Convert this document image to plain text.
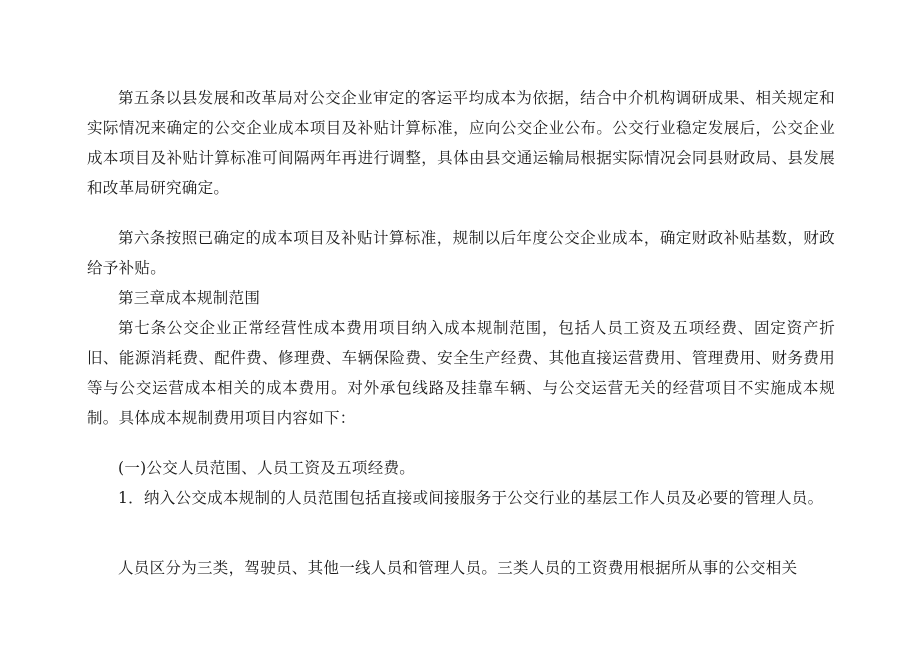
第五条以县发展和改革局对公交企业审定的客运平均成本为依据，结合中介机构调研成果、相关规定和实际情况来确定的公交企业成本项目及补贴计算标准，应向公交企业公布。公交行业稳定发展后，公交企业成本项目及补贴计算标准可间隔两年再进行调整，具体由县交通运输局根据实际情况会同县财政局、县发展和改革局研究确定。

第六条按照已确定的成本项目及补贴计算标准，规制以后年度公交企业成本，确定财政补贴基数，财政给予补贴。

第三章成本规制范围

第七条公交企业正常经营性成本费用项目纳入成本规制范围，包括人员工资及五项经费、固定资产折旧、能源消耗费、配件费、修理费、车辆保险费、安全生产经费、其他直接运营费用、管理费用、财务费用等与公交运营成本相关的成本费用。对外承包线路及挂靠车辆、与公交运营无关的经营项目不实施成本规制。具体成本规制费用项目内容如下：

(一)公交人员范围、人员工资及五项经费。

1．纳入公交成本规制的人员范围包括直接或间接服务于公交行业的基层工作人员及必要的管理人员。

人员区分为三类，驾驶员、其他一线人员和管理人员。三类人员的工资费用根据所从事的公交相关
